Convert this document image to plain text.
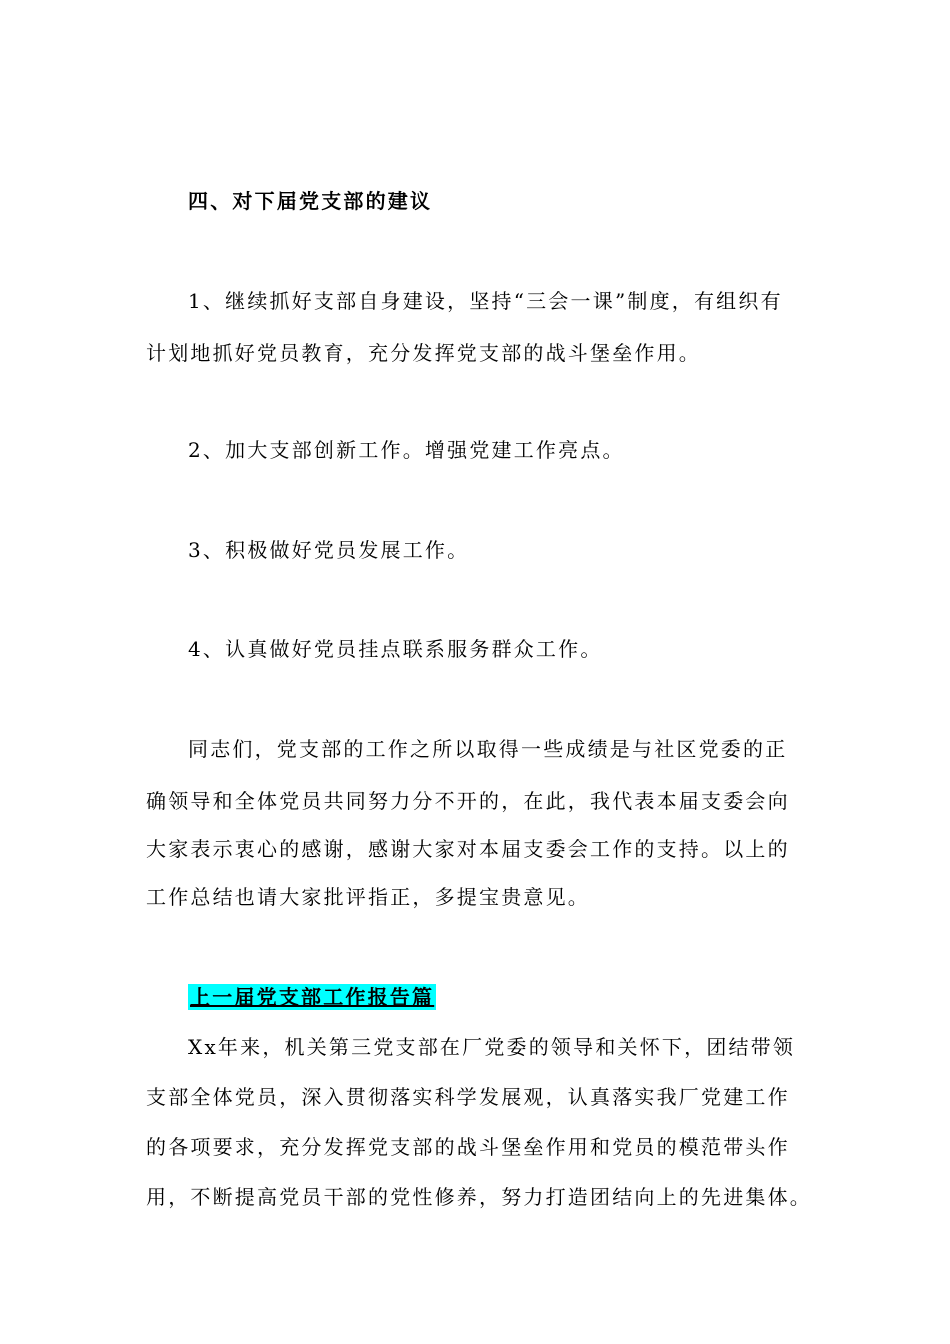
四、对下届党支部的建议
1、继续抓好支部自身建设，坚持“三会一课”制度，有组织有
计划地抓好党员教育，充分发挥党支部的战斗堡垒作用。
2、加大支部创新工作。增强党建工作亮点。
3、积极做好党员发展工作。
4、认真做好党员挂点联系服务群众工作。
同志们，党支部的工作之所以取得一些成绩是与社区党委的正
确领导和全体党员共同努力分不开的，在此，我代表本届支委会向
大家表示衷心的感谢，感谢大家对本届支委会工作的支持。以上的
工作总结也请大家批评指正，多提宝贵意见。
上一届党支部工作报告篇
Xx年来，机关第三党支部在厂党委的领导和关怀下，团结带领
支部全体党员，深入贯彻落实科学发展观，认真落实我厂党建工作
的各项要求，充分发挥党支部的战斗堡垒作用和党员的模范带头作
用，不断提高党员干部的党性修养，努力打造团结向上的先进集体。
